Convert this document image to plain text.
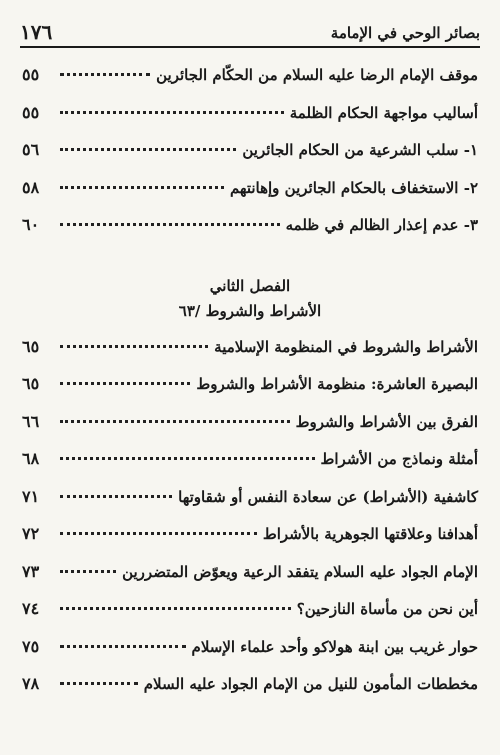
بصائر الوحي في الإمامة
١٧٦
موقف الإمام الرضا عليه السلام من الحكّام الجائرين
٥٥
أساليب مواجهة الحكام الظلمة
٥٥
١- سلب الشرعية من الحكام الجائرين
٥٦
٢- الاستخفاف بالحكام الجائرين وإهانتهم
٥٨
٣- عدم إعذار الظالم في ظلمه
٦٠
الفصل الثاني
الأشراط والشروط /٦٣
الأشراط والشروط في المنظومة الإسلامية
٦٥
البصيرة العاشرة: منظومة الأشراط والشروط
٦٥
الفرق بين الأشراط والشروط
٦٦
أمثلة ونماذج من الأشراط
٦٨
كاشفية (الأشراط) عن سعادة النفس أو شقاوتها
٧١
أهدافنا وعلاقتها الجوهرية بالأشراط
٧٢
الإمام الجواد عليه السلام يتفقد الرعية ويعوّض المتضررين
٧٣
أين نحن من مأساة النازحين؟
٧٤
حوار غريب بين ابنة هولاكو وأحد علماء الإسلام
٧٥
مخططات المأمون للنيل من الإمام الجواد عليه السلام
٧٨
